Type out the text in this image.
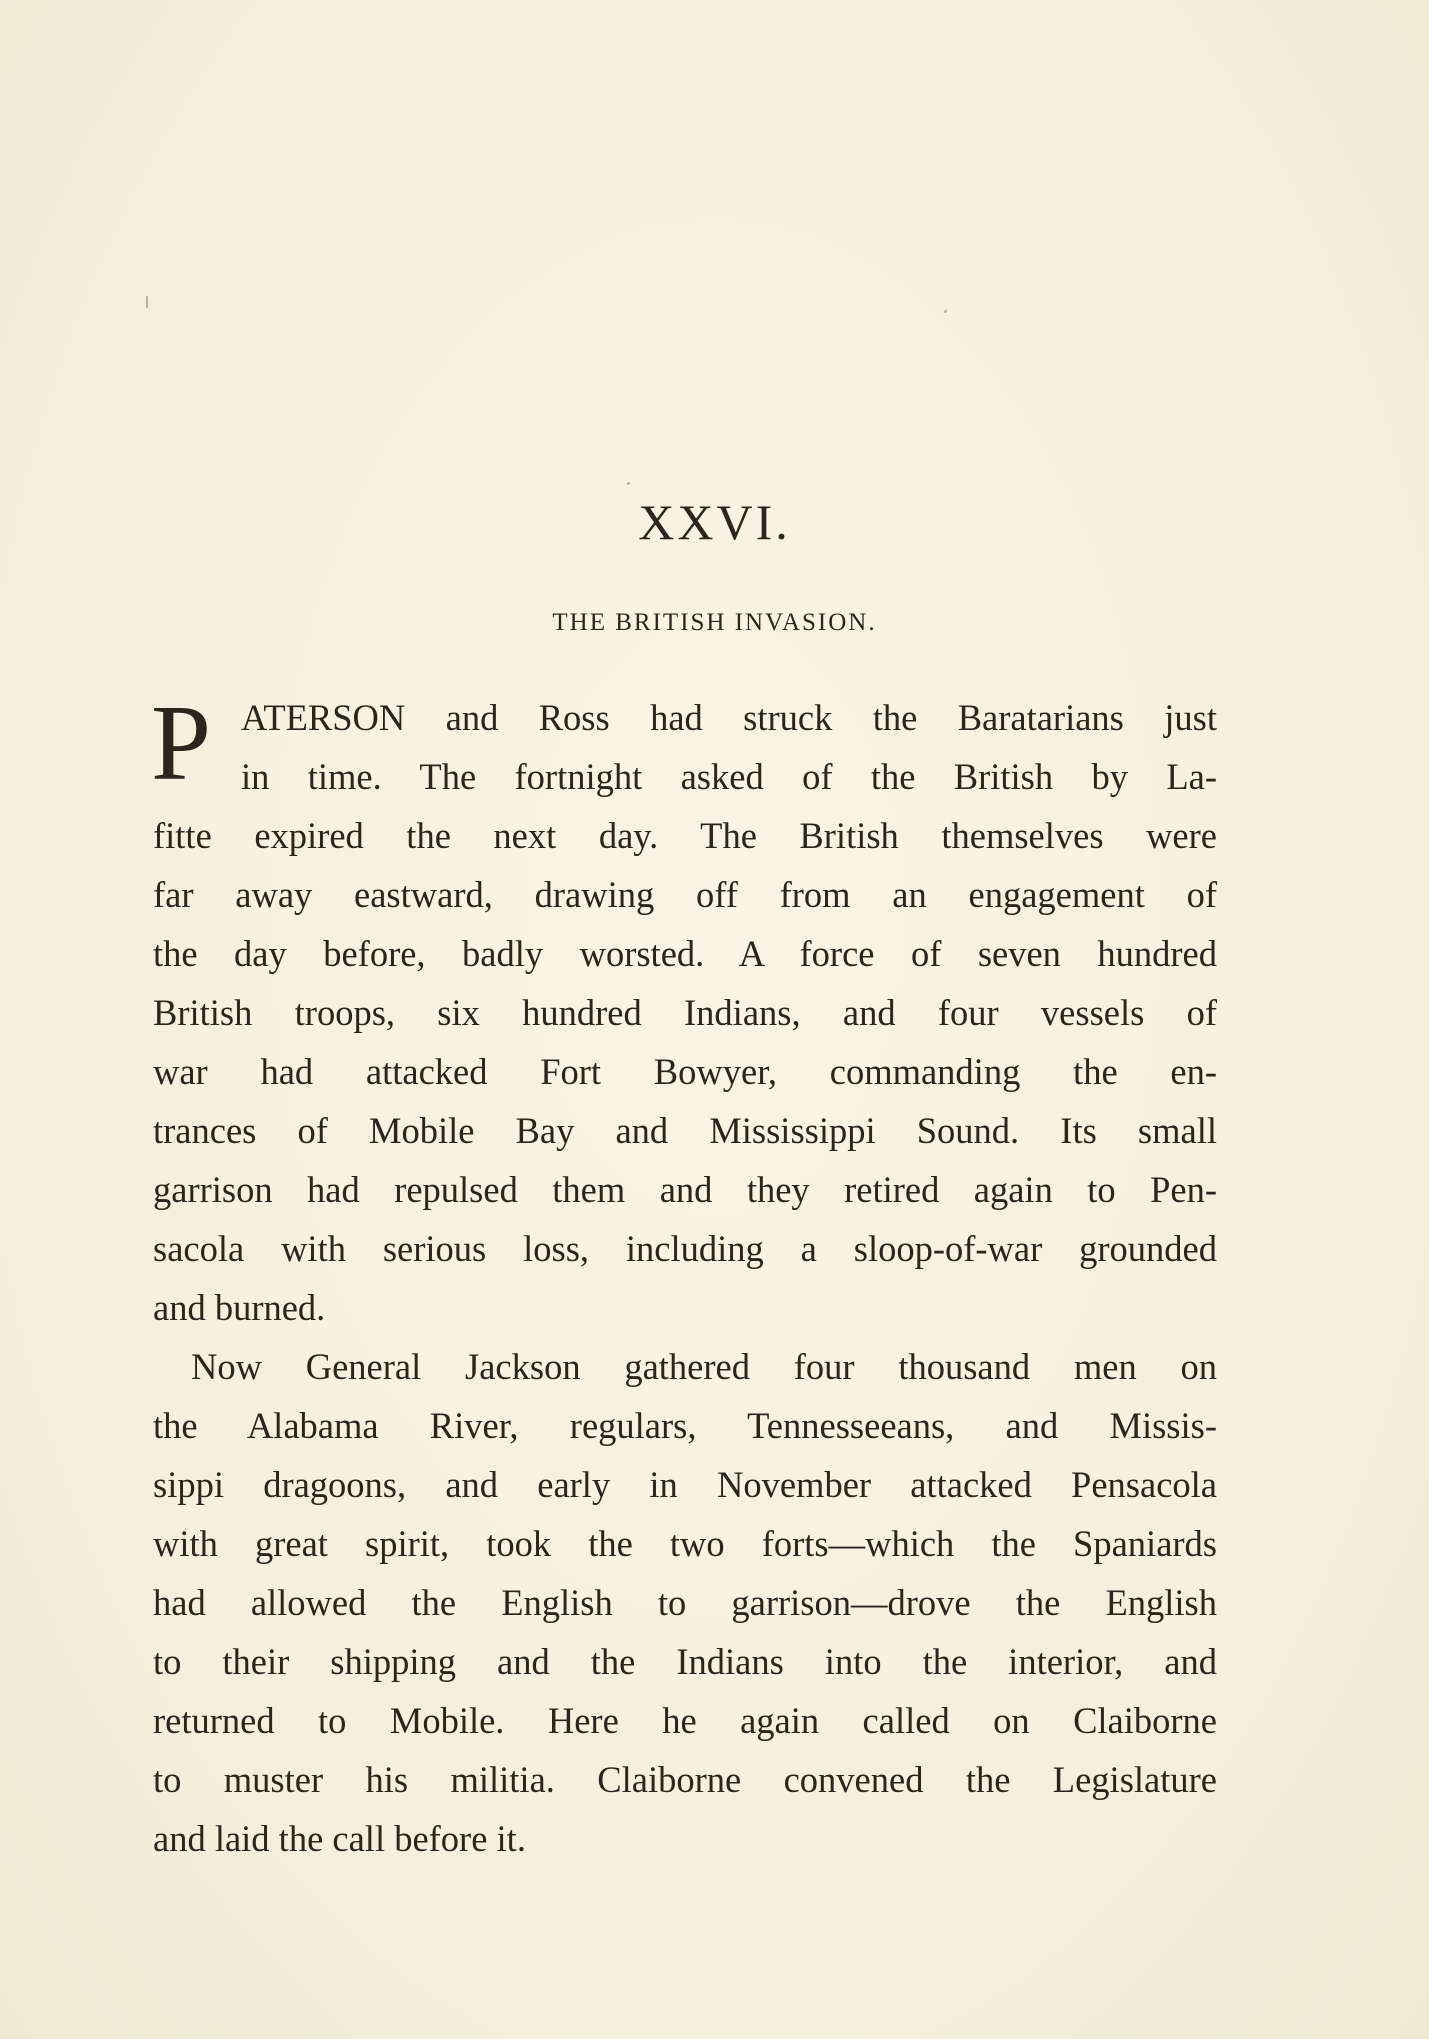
XXVI.
THE BRITISH INVASION.
P ATERSON and Ross had struck the Baratarians just
in time. The fortnight asked of the British by La-
fitte expired the next day. The British themselves were
far away eastward, drawing off from an engagement of
the day before, badly worsted. A force of seven hundred
British troops, six hundred Indians, and four vessels of
war had attacked Fort Bowyer, commanding the en-
trances of Mobile Bay and Mississippi Sound. Its small
garrison had repulsed them and they retired again to Pen-
sacola with serious loss, including a sloop-of-war grounded
and burned.
Now General Jackson gathered four thousand men on
the Alabama River, regulars, Tennesseeans, and Missis-
sippi dragoons, and early in November attacked Pensacola
with great spirit, took the two forts—which the Spaniards
had allowed the English to garrison—drove the English
to their shipping and the Indians into the interior, and
returned to Mobile. Here he again called on Claiborne
to muster his militia. Claiborne convened the Legislature
and laid the call before it.
